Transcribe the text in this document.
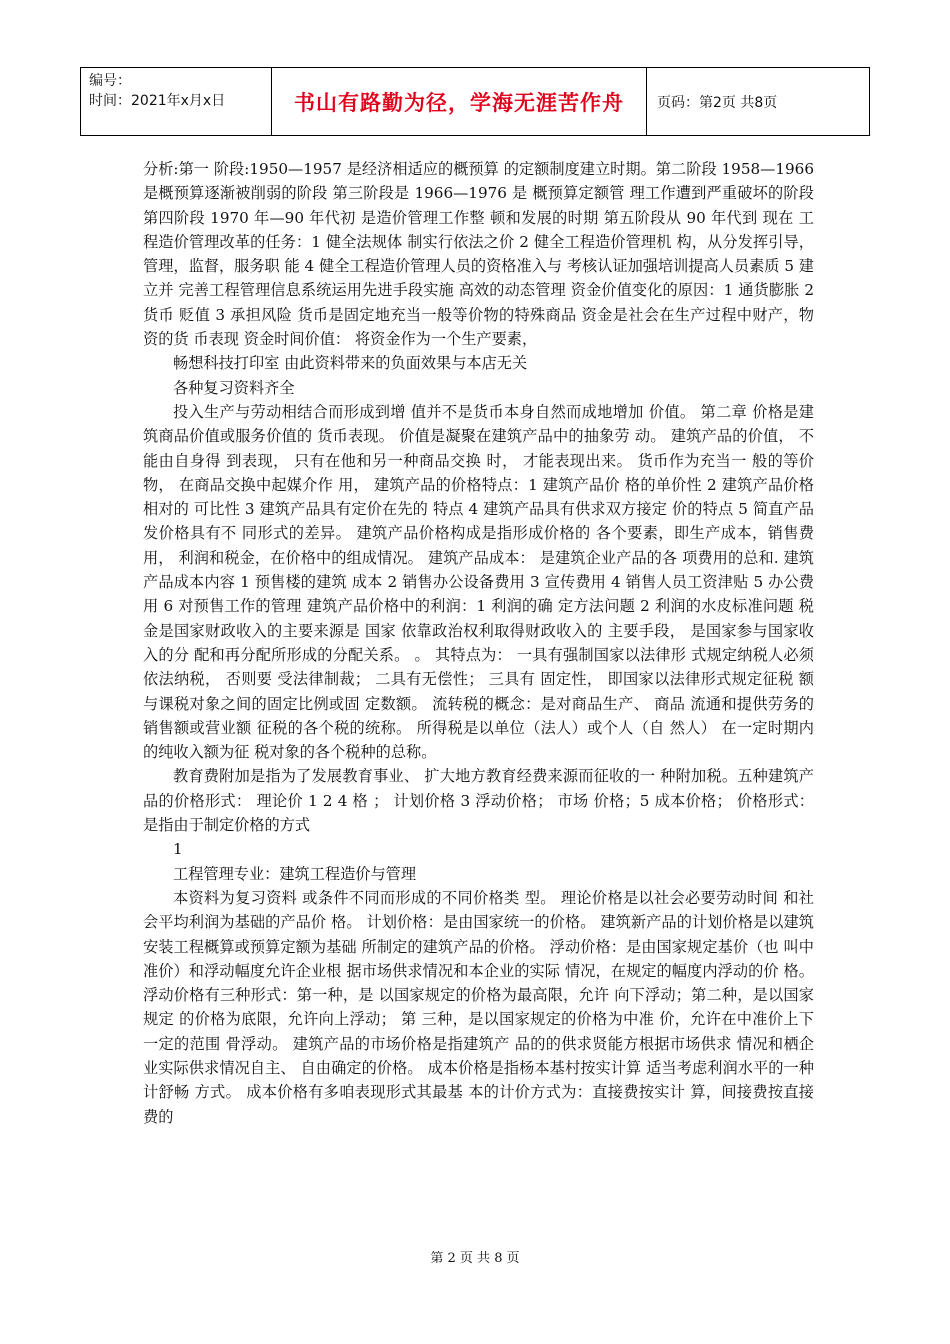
编号：
时间：2021年x月x日	书山有路勤为径，学海无涯苦作舟 页码：第2页 共8页

分析:第一 阶段:1950—1957 是经济相适应的概预算 的定额制度建立时期。第二阶段 1958—1966 是概预算逐渐被削弱的阶段 第三阶段是 1966—1976 是 概预算定额管 理工作遭到严重破坏的阶段第四阶段 1970 年—90 年代初 是造价管理工作整 顿和发展的时期 第五阶段从 90 年代到 现在 工程造价管理改革的任务：1 健全法规体 制实行依法之价 2 健全工程造价管理机 构，从分发挥引导，管理，监督，服务职 能 4 健全工程造价管理人员的资格准入与 考核认证加强培训提高人员素质 5 建立并 完善工程管理信息系统运用先进手段实施 高效的动态管理 资金价值变化的原因：1 通货膨胀 2 货币 贬值 3 承担风险 货币是固定地充当一般等价物的特殊商品 资金是社会在生产过程中财产，物资的货 币表现 资金时间价值： 将资金作为一个生产要素，

畅想科技打印室 由此资料带来的负面效果与本店无关

各种复习资料齐全

投入生产与劳动相结合而形成到增 值并不是货币本身自然而成地增加 价值。 第二章 价格是建筑商品价值或服务价值的 货币表现。 价值是凝聚在建筑产品中的抽象劳 动。 建筑产品的价值， 不能由自身得 到表现， 只有在他和另一种商品交换 时， 才能表现出来。 货币作为充当一 般的等价物， 在商品交换中起媒介作 用， 建筑产品的价格特点：1 建筑产品价 格的单价性 2 建筑产品价格相对的 可比性 3 建筑产品具有定价在先的 特点 4 建筑产品具有供求双方接定 价的特点 5 简直产品发价格具有不 同形式的差异。 建筑产品价格构成是指形成价格的 各个要素，即生产成本，销售费用， 利润和税金，在价格中的组成情况。 建筑产品成本： 是建筑企业产品的各 项费用的总和. 建筑产品成本内容 1 预售楼的建筑 成本 2 销售办公设备费用 3 宣传费用 4 销售人员工资津贴 5 办公费用 6 对预售工作的管理 建筑产品价格中的利润：1 利润的确 定方法问题 2 利润的水皮标准问题 税金是国家财政收入的主要来源是 国家 依靠政治权利取得财政收入的 主要手段， 是国家参与国家收入的分 配和再分配所形成的分配关系。 。 其特点为： 一具有强制国家以法律形 式规定纳税人必须依法纳税， 否则要 受法律制裁； 二具有无偿性； 三具有 固定性， 即国家以法律形式规定征税 额与课税对象之间的固定比例或固 定数额。 流转税的概念：是对商品生产、 商品 流通和提供劳务的销售额或营业额 征税的各个税的统称。 所得税是以单位（法人）或个人（自 然人） 在一定时期内的纯收入额为征 税对象的各个税种的总称。

教育费附加是指为了发展教育事业、 扩大地方教育经费来源而征收的一 种附加税。五种建筑产品的价格形式： 理论价 1 2 4 格 ； 计划价格 3 浮动价格； 市场 价格；5 成本价格； 价格形式： 是指由于制定价格的方式

1

工程管理专业：建筑工程造价与管理

本资料为复习资料 或条件不同而形成的不同价格类 型。 理论价格是以社会必要劳动时间 和社会平均利润为基础的产品价 格。 计划价格：是由国家统一的价格。 建筑新产品的计划价格是以建筑 安装工程概算或预算定额为基础 所制定的建筑产品的价格。 浮动价格：是由国家规定基价（也 叫中准价）和浮动幅度允许企业根 据市场供求情况和本企业的实际 情况，在规定的幅度内浮动的价 格。 浮动价格有三种形式：第一种，是 以国家规定的价格为最高限，允许 向下浮动；第二种，是以国家规定 的价格为底限，允许向上浮动； 第 三种，是以国家规定的价格为中准 价，允许在中准价上下一定的范围 骨浮动。 建筑产品的市场价格是指建筑产 品的的供求贤能方根据市场供求 情况和栖企业实际供求情况自主、 自由确定的价格。 成本价格是指杨本基村按实计算 适当考虑利润水平的一种计舒畅 方式。 成本价格有多咱表现形式其最基 本的计价方式为：直接费按实计 算，间接费按直接费的

第 2 页 共 8 页
